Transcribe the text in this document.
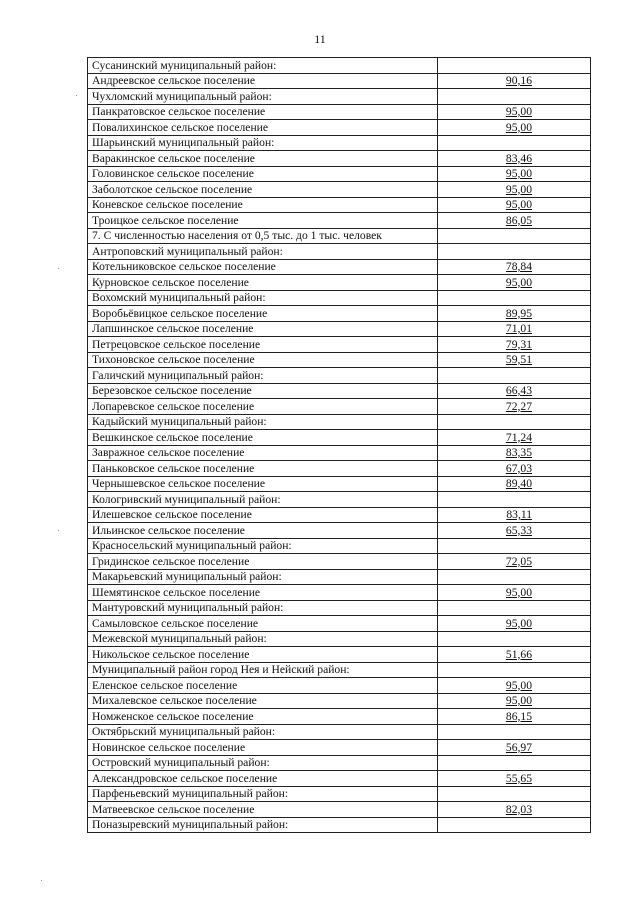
11
Сусанинский муниципальный район:	
Андреевское сельское поселение	90,16
Чухломский муниципальный район:	
Панкратовское сельское поселение	95,00
Повалихинское сельское поселение	95,00
Шарьинский муниципальный район:	
Варакинское сельское поселение	83,46
Головинское сельское поселение	95,00
Заболотское сельское поселение	95,00
Коневское сельское поселение	95,00
Троицкое сельское поселение	86,05
7. С численностью населения от 0,5 тыс. до 1 тыс. человек	
Антроповский муниципальный район:	
Котельниковское сельское поселение	78,84
Курновское сельское поселение	95,00
Вохомский муниципальный район:	
Воробьёвицкое сельское поселение	89,95
Лапшинское сельское поселение	71,01
Петрецовское сельское поселение	79,31
Тихоновское сельское поселение	59,51
Галичский муниципальный район:	
Березовское сельское поселение	66,43
Лопаревское сельское поселение	72,27
Кадыйский муниципальный район:	
Вешкинское сельское поселение	71,24
Завражное сельское поселение	83,35
Паньковское сельское поселение	67,03
Чернышевское сельское поселение	89,40
Кологривский муниципальный район:	
Илешевское сельское поселение	83,11
Ильинское сельское поселение	65,33
Красносельский муниципальный район:	
Гридинское сельское поселение	72,05
Макарьевский муниципальный район:	
Шемятинское сельское поселение	95,00
Мантуровский муниципальный район:	
Самыловское сельское поселение	95,00
Межевской муниципальный район:	
Никольское сельское поселение	51,66
Муниципальный район город Нея и Нейский район:	
Еленское сельское поселение	95,00
Михалевское сельское поселение	95,00
Номженское сельское поселение	86,15
Октябрьский муниципальный район:	
Новинское сельское поселение	56,97
Островский муниципальный район:	
Александровское сельское поселение	55,65
Парфеньевский муниципальный район:	
Матвеевское сельское поселение	82,03
Поназыревский муниципальный район:	
